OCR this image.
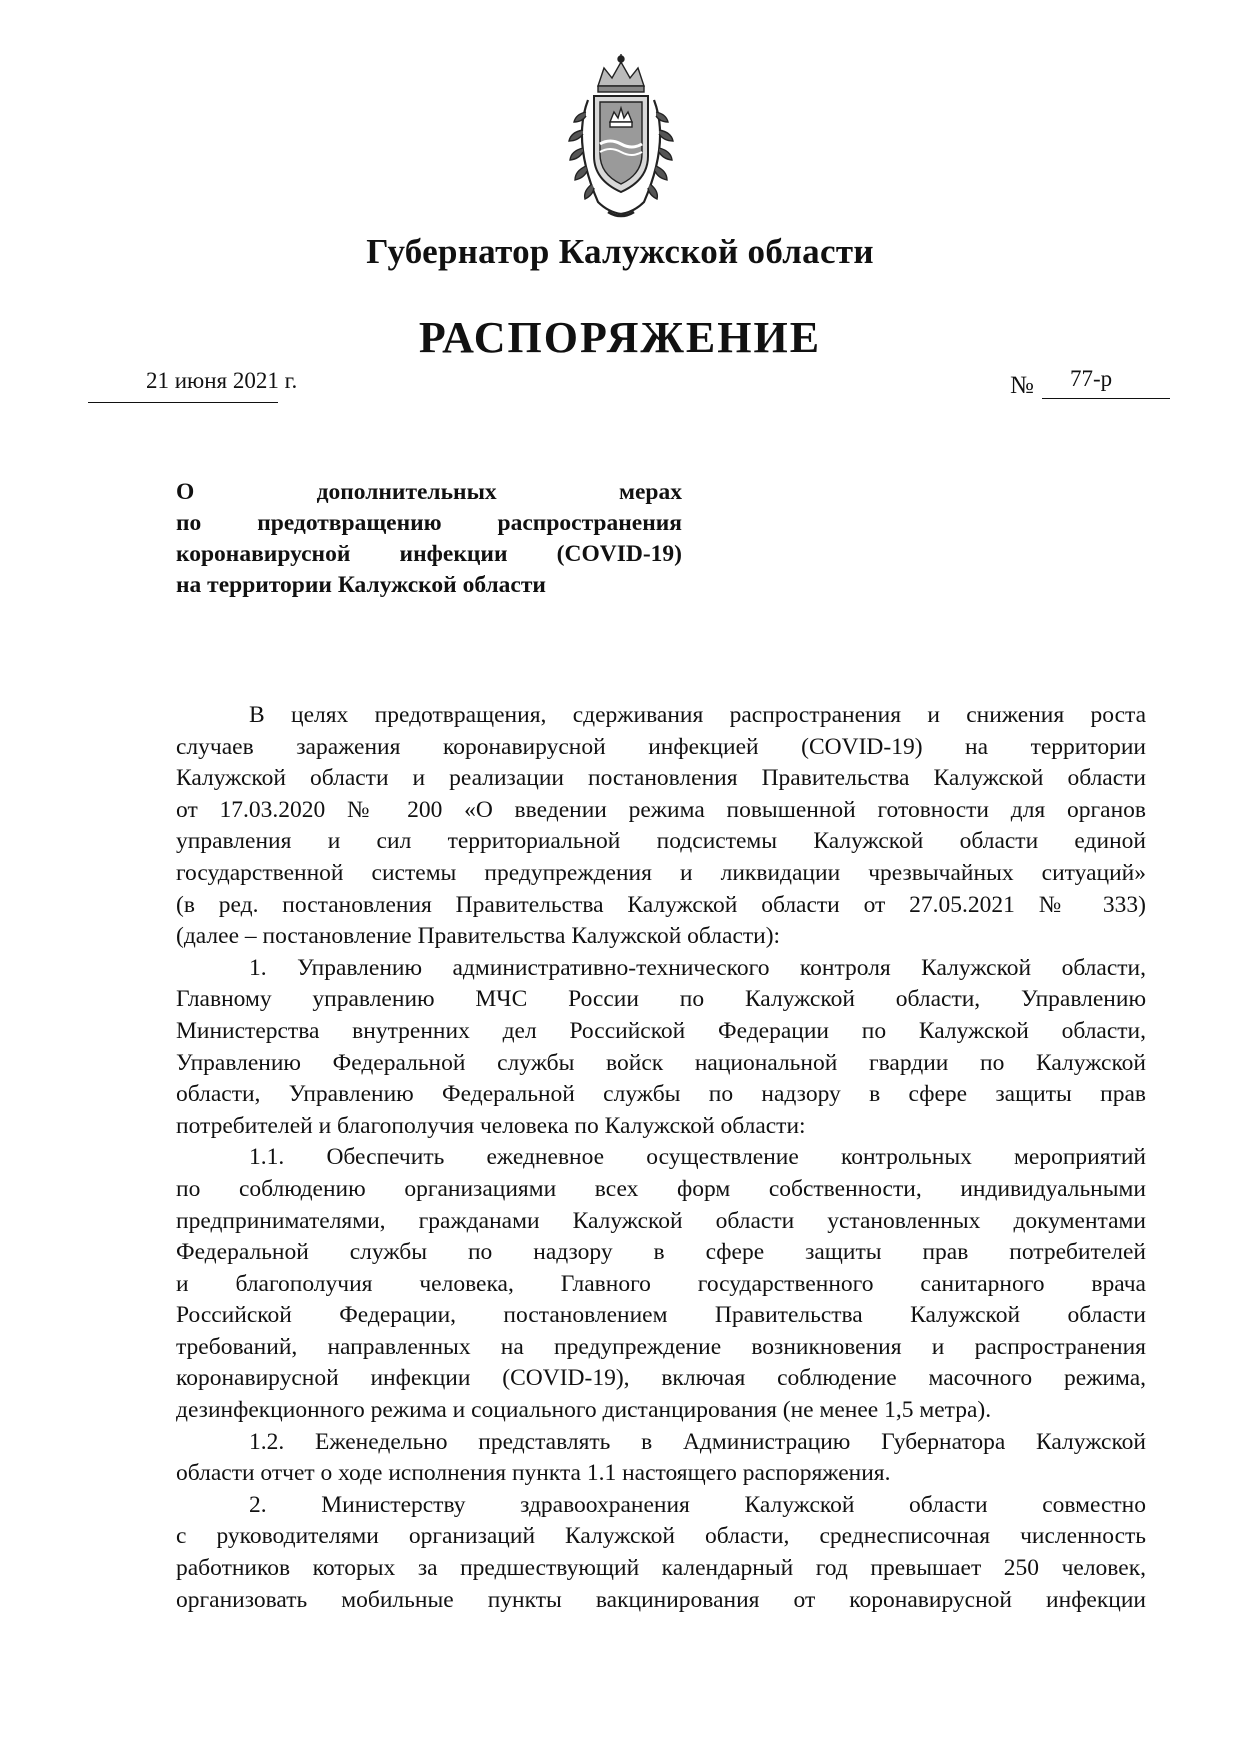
Губернатор Калужской области
РАСПОРЯЖЕНИЕ
21 июня 2021 г.	№ 77-р
О дополнительных мерах
по предотвращению распространения
коронавирусной инфекции (COVID-19)
на территории Калужской области
В целях предотвращения, сдерживания распространения и снижения роста
случаев заражения коронавирусной инфекцией (COVID-19) на территории
Калужской области и реализации постановления Правительства Калужской области
от 17.03.2020 № 200 «О введении режима повышенной готовности для органов
управления и сил территориальной подсистемы Калужской области единой
государственной системы предупреждения и ликвидации чрезвычайных ситуаций»
(в ред. постановления Правительства Калужской области от 27.05.2021 № 333)
(далее – постановление Правительства Калужской области):
1. Управлению административно-технического контроля Калужской области,
Главному управлению МЧС России по Калужской области, Управлению
Министерства внутренних дел Российской Федерации по Калужской области,
Управлению Федеральной службы войск национальной гвардии по Калужской
области, Управлению Федеральной службы по надзору в сфере защиты прав
потребителей и благополучия человека по Калужской области:
1.1. Обеспечить ежедневное осуществление контрольных мероприятий
по соблюдению организациями всех форм собственности, индивидуальными
предпринимателями, гражданами Калужской области установленных документами
Федеральной службы по надзору в сфере защиты прав потребителей
и благополучия человека, Главного государственного санитарного врача
Российской Федерации, постановлением Правительства Калужской области
требований, направленных на предупреждение возникновения и распространения
коронавирусной инфекции (COVID-19), включая соблюдение масочного режима,
дезинфекционного режима и социального дистанцирования (не менее 1,5 метра).
1.2. Еженедельно представлять в Администрацию Губернатора Калужской
области отчет о ходе исполнения пункта 1.1 настоящего распоряжения.
2. Министерству здравоохранения Калужской области совместно
с руководителями организаций Калужской области, среднесписочная численность
работников которых за предшествующий календарный год превышает 250 человек,
организовать мобильные пункты вакцинирования от коронавирусной инфекции
